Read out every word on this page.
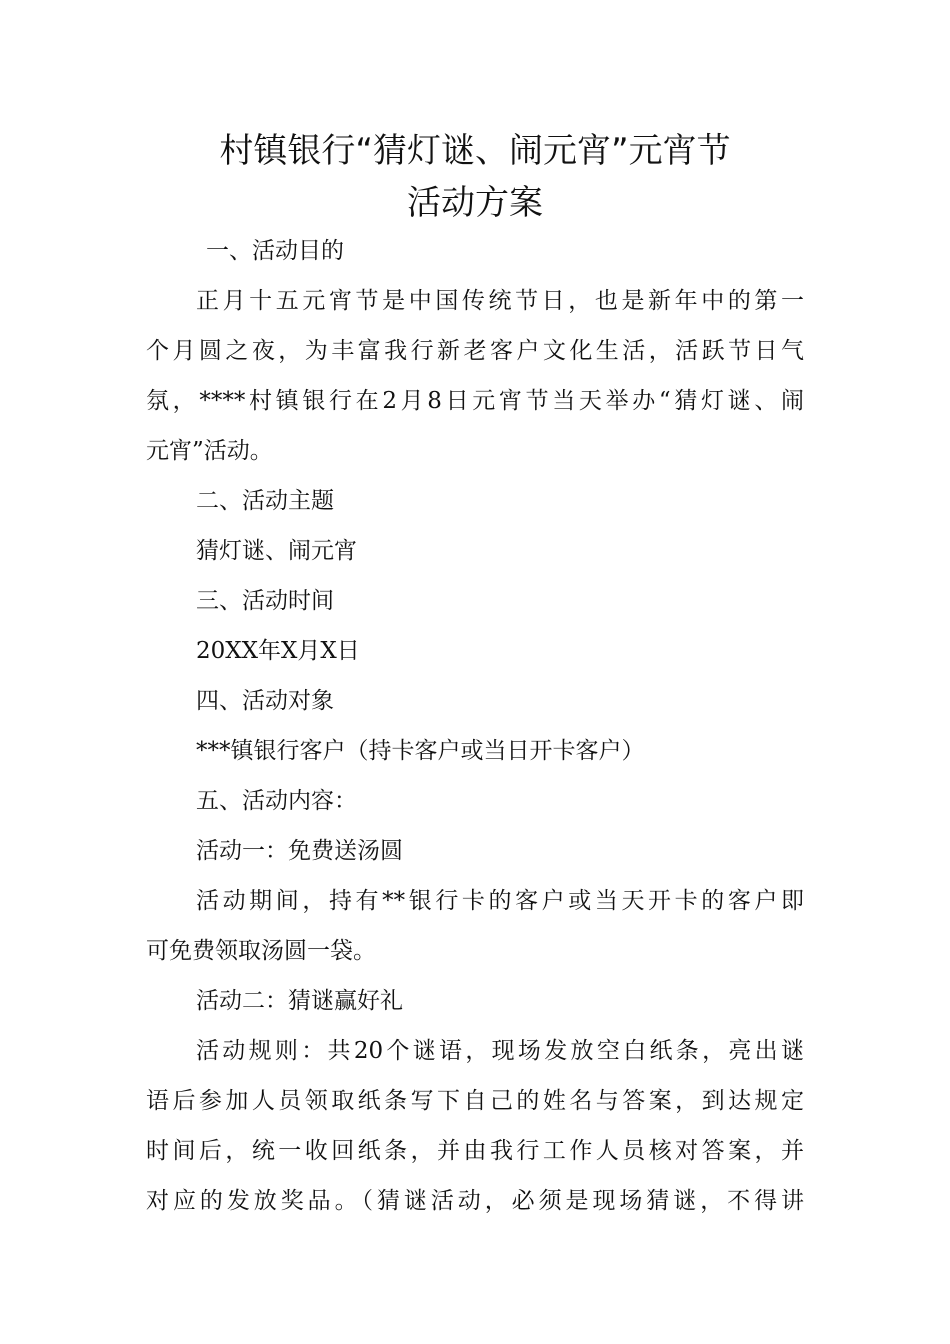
村镇银行“猜灯谜、闹元宵”元宵节
活动方案
一、活动目的
正月十五元宵节是中国传统节日，也是新年中的第一
个月圆之夜，为丰富我行新老客户文化生活，活跃节日气
氛，****村镇银行在2月8日元宵节当天举办“猜灯谜、闹
元宵”活动。
二、活动主题
猜灯谜、闹元宵
三、活动时间
20XX年X月X日
四、活动对象
***镇银行客户（持卡客户或当日开卡客户）
五、活动内容：
活动一：免费送汤圆
活动期间，持有**银行卡的客户或当天开卡的客户即
可免费领取汤圆一袋。
活动二：猜谜赢好礼
活动规则：共20个谜语，现场发放空白纸条，亮出谜
语后参加人员领取纸条写下自己的姓名与答案，到达规定
时间后，统一收回纸条，并由我行工作人员核对答案，并
对应的发放奖品。（猜谜活动，必须是现场猜谜，不得讲
